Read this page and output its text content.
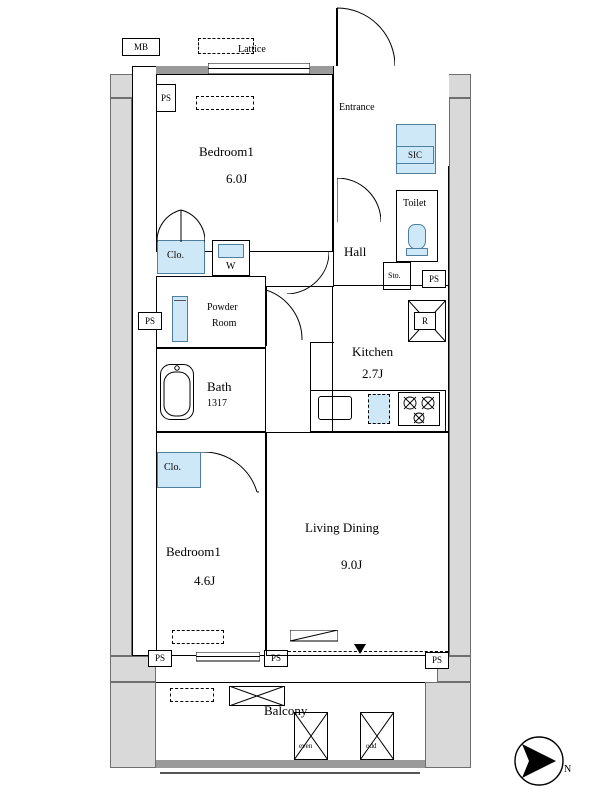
MB	Lattice
PS
Bedroom1
6.0J
Clo.
W
Hall
Entrance
SIC
Toilet
Sto.	PS
R
Powder
Room
PS
Bath
1317
Bedroom1
4.6J
Clo.
PS	PS
Kitchen
2.7J
Living Dining
9.0J
PS
Balcony
even	odd
N
